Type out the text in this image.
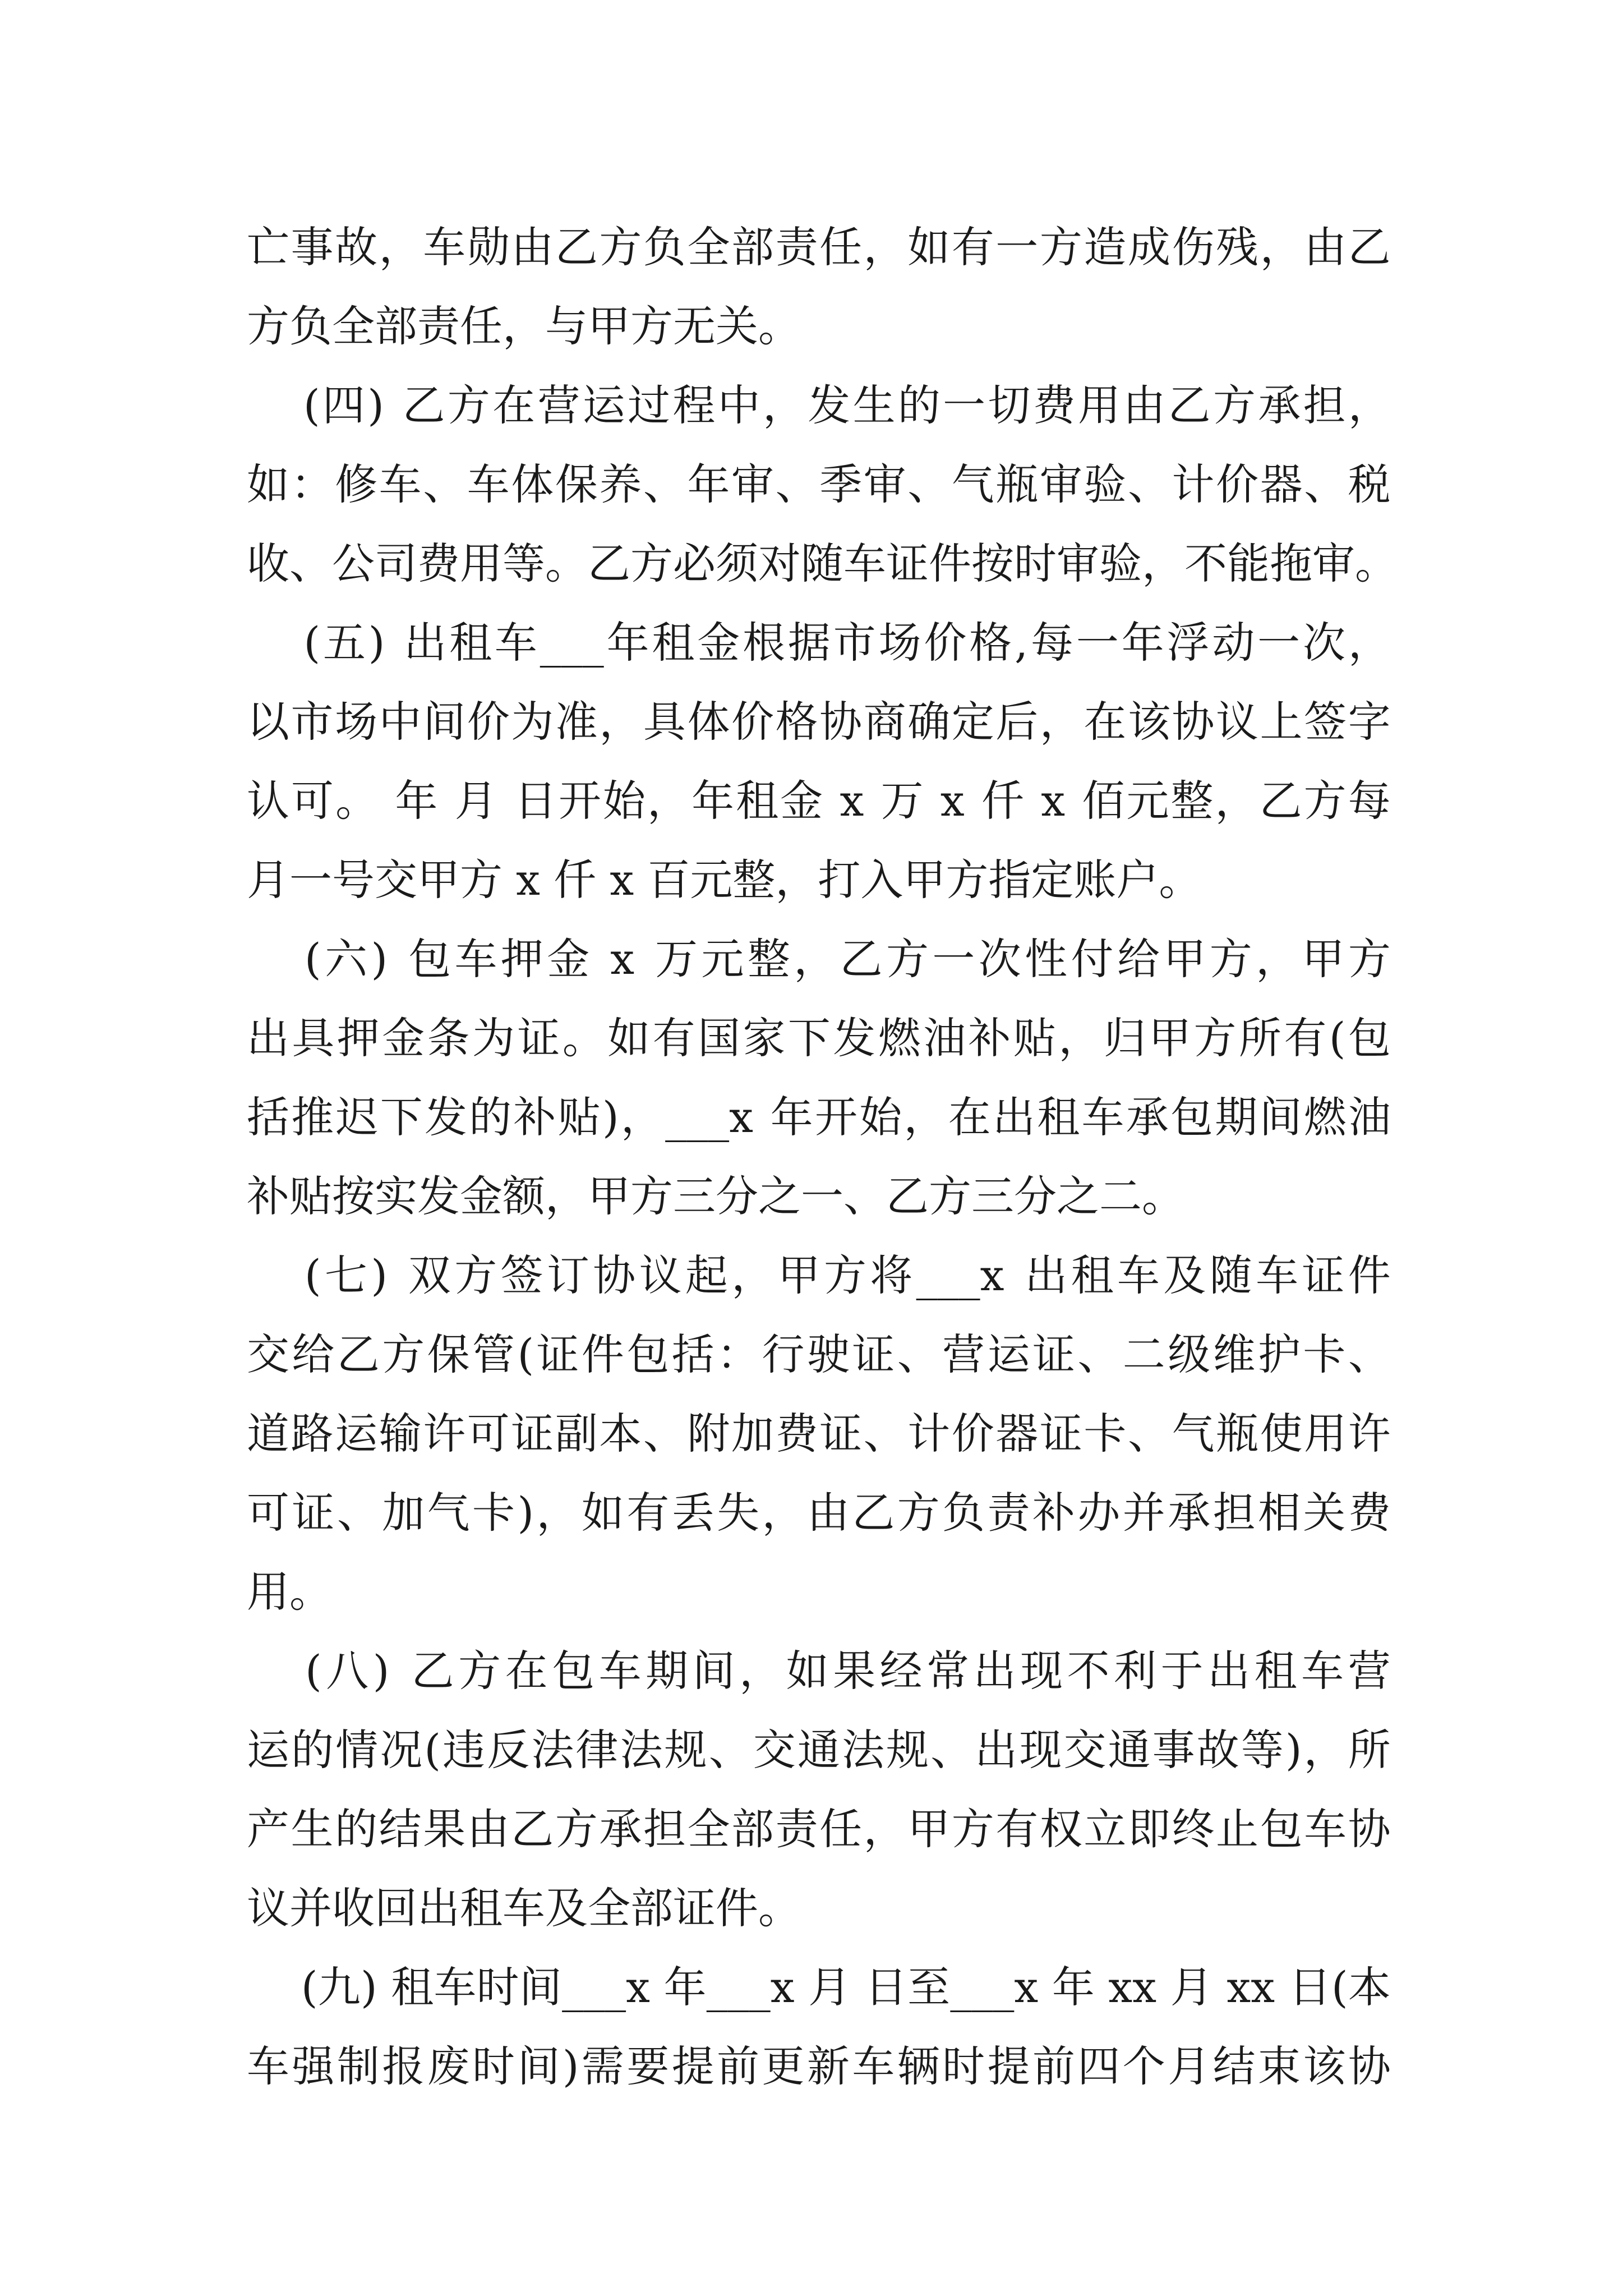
亡 事 故 ， 车 勋 由 乙 方 负 全 部 责 任 ， 如 有 一 方 造 成 伤 残 ， 由 乙
方负全部责任，与甲方无关。

( 四 )
乙 方 在 营 运 过 程 中 ， 发 生 的 一 切 费 用 由 乙 方 承 担 ，
如 ： 修 车 、 车 体 保 养 、 年 审 、 季 审 、 气 瓶 审 验 、 计 价 器 、 税
收 、 公 司 费 用 等 。 乙 方 必 须 对 随 车 证 件 按 时 审 验 ， 不 能 拖 审 。

( 五 )
出 租 车 ___ 年 租 金 根 据 市 场 价 格 , 每 一 年 浮 动 一 次 ，
以 市 场 中 间 价 为 准 ， 具 体 价 格 协 商 确 定 后 ， 在 该 协 议 上 签 字
认 可 。
年
月
日 开 始 ， 年 租 金
x
万
x
仟
x
佰 元 整 ， 乙 方 每
月一号交甲方 x 仟 x 百元整，打入甲方指定账户。

( 六 )
包 车 押 金
x
万 元 整 ， 乙 方 一 次 性 付 给 甲 方 ， 甲 方
出 具 押 金 条 为 证 。 如 有 国 家 下 发 燃 油 补 贴 ， 归 甲 方 所 有 ( 包
括 推 迟 下 发 的 补 贴 ) ， ___x
年 开 始 ， 在 出 租 车 承 包 期 间 燃 油
补贴按实发金额，甲方三分之一、乙方三分之二。

( 七 )
双 方 签 订 协 议 起 ， 甲 方 将 ___x
出 租 车 及 随 车 证 件
交 给 乙 方 保 管 ( 证 件 包 括 ： 行 驶 证 、 营 运 证 、 二 级 维 护 卡 、
道 路 运 输 许 可 证 副 本 、 附 加 费 证 、 计 价 器 证 卡 、 气 瓶 使 用 许
可 证 、 加 气 卡 ) ， 如 有 丢 失 ， 由 乙 方 负 责 补 办 并 承 担 相 关 费
用。

( 八 )
乙 方 在 包 车 期 间 ， 如 果 经 常 出 现 不 利 于 出 租 车 营
运 的 情 况 ( 违 反 法 律 法 规 、 交 通 法 规 、 出 现 交 通 事 故 等 ) ， 所
产 生 的 结 果 由 乙 方 承 担 全 部 责 任 ， 甲 方 有 权 立 即 终 止 包 车 协
议并收回出租车及全部证件。

( 九 )
租 车 时 间 ___x
年 ___x
月
日 至 ___x
年
xx
月
xx
日 ( 本
车 强 制 报 废 时 间 ) 需 要 提 前 更 新 车 辆 时 提 前 四 个 月 结 束 该 协
